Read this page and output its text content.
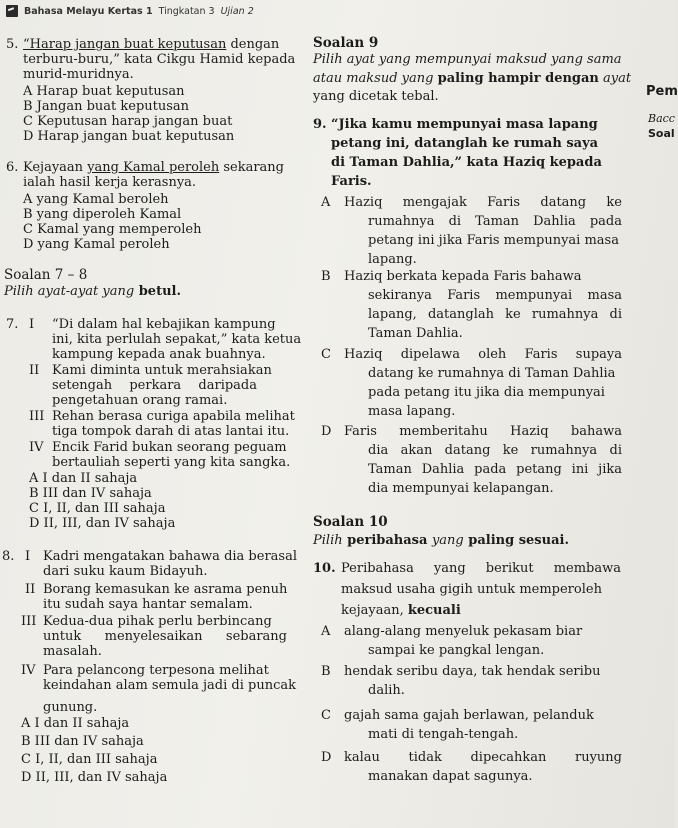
Bahasa Melayu Kertas 1 Tingkatan 3 Ujian 2
5. “Harap jangan buat keputusan dengan
terburu-buru,” kata Cikgu Hamid kepada
murid-muridnya.
A Harap buat keputusan
B Jangan buat keputusan
C Keputusan harap jangan buat
D Harap jangan buat keputusan
6. Kejayaan yang Kamal peroleh sekarang
ialah hasil kerja kerasnya.
A yang Kamal beroleh
B yang diperoleh Kamal
C Kamal yang memperoleh
D yang Kamal peroleh
Soalan 7 – 8
Pilih ayat-ayat yang betul.
7. I “Di dalam hal kebajikan kampung
ini, kita perlulah sepakat,” kata ketua
kampung kepada anak buahnya.
II Kami diminta untuk merahsiakan
setengah perkara daripada
pengetahuan orang ramai.
III Rehan berasa curiga apabila melihat
tiga tompok darah di atas lantai itu.
IV Encik Farid bukan seorang peguam
bertauliah seperti yang kita sangka.
A I dan II sahaja
B III dan IV sahaja
C I, II, dan III sahaja
D II, III, dan IV sahaja
8. I Kadri mengatakan bahawa dia berasal
dari suku kaum Bidayuh.
II Borang kemasukan ke asrama penuh
itu sudah saya hantar semalam.
III Kedua-dua pihak perlu berbincang
untuk menyelesaikan sebarang
masalah.
IV Para pelancong terpesona melihat
keindahan alam semula jadi di puncak
gunung.
A I dan II sahaja
B III dan IV sahaja
C I, II, dan III sahaja
D II, III, dan IV sahaja
Soalan 9
Pilih ayat yang mempunyai maksud yang sama
atau maksud yang paling hampir dengan ayat
yang dicetak tebal.
9. “Jika kamu mempunyai masa lapang
petang ini, datanglah ke rumah saya
di Taman Dahlia,” kata Haziq kepada
Faris.
A Haziq mengajak Faris datang ke
rumahnya di Taman Dahlia pada
petang ini jika Faris mempunyai masa
lapang.
B Haziq berkata kepada Faris bahawa
sekiranya Faris mempunyai masa
lapang, datanglah ke rumahnya di
Taman Dahlia.
C Haziq dipelawa oleh Faris supaya
datang ke rumahnya di Taman Dahlia
pada petang itu jika dia mempunyai
masa lapang.
D Faris memberitahu Haziq bahawa
dia akan datang ke rumahnya di
Taman Dahlia pada petang ini jika
dia mempunyai kelapangan.
Soalan 10
Pilih peribahasa yang paling sesuai.
10. Peribahasa yang berikut membawa
maksud usaha gigih untuk memperoleh
kejayaan, kecuali
A alang-alang menyeluk pekasam biar
sampai ke pangkal lengan.
B hendak seribu daya, tak hendak seribu
dalih.
C gajah sama gajah berlawan, pelanduk
mati di tengah-tengah.
D kalau tidak dipecahkan ruyung
manakan dapat sagunya.
Pem
Bacc
Soal
